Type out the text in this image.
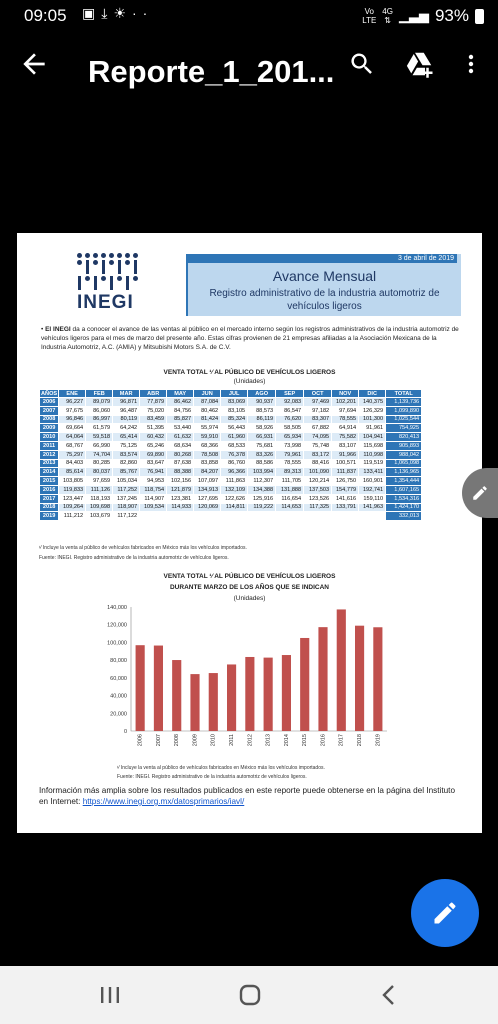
09:05 ▣⤓☀··	Vo
LTE
4G
⇅ ▁▃▅ 93%
Reporte_1_201...
INEGI
3 de abril de 2019
Avance Mensual
Registro administrativo de la industria automotriz de vehículos ligeros
• El INEGI da a conocer el avance de las ventas al público en el mercado interno según los registros administrativos de la industria automotriz de vehículos ligeros para el mes de marzo del presente año. Estas cifras provienen de 21 empresas afiliadas a la Asociación Mexicana de la Industria Automotriz, A.C. (AMIA) y Mitsubishi Motors S.A. de C.V.
VENTA TOTAL ¹⁄ AL PÚBLICO DE VEHÍCULOS LIGEROS
(Unidades)
AÑOS	ENE	FEB	MAR	ABR	MAY	JUN	JUL	AGO	SEP	OCT	NOV	DIC	TOTAL
2006	96,227	89,079	96,871	77,879	86,462	87,084	83,069	90,937	92,083	97,469	102,201	140,375	1,139,736
2007	97,675	86,060	96,487	75,020	84,756	80,462	83,105	88,573	86,547	97,182	97,694	126,329	1,099,890
2008	96,846	86,997	80,119	83,459	85,827	81,424	85,324	86,119	76,620	83,307	78,555	101,300	1,025,544
2009	69,664	61,579	64,242	51,395	53,440	55,974	56,443	58,926	58,505	67,882	64,914	91,961	754,925
2010	64,064	59,518	65,414	60,432	61,632	59,910	61,960	66,931	65,934	74,095	75,582	104,941	820,413
2011	68,767	66,990	75,125	65,246	68,634	68,366	68,533	75,681	73,998	75,748	83,107	115,698	905,893
2012	75,297	74,704	83,574	69,890	80,268	78,508	76,378	83,326	79,961	83,172	91,966	110,998	988,042
2013	84,403	80,285	82,860	83,647	87,638	83,858	86,760	88,586	78,555	88,416	100,571	119,519	1,065,098
2014	85,614	80,037	85,767	76,941	88,388	84,207	96,366	103,994	89,313	101,090	111,837	133,411	1,136,965
2015	103,805	97,659	105,034	94,953	102,156	107,097	111,863	112,307	111,705	120,214	126,750	160,901	1,354,444
2016	119,833	111,126	117,252	118,754	121,879	134,913	132,109	134,388	131,888	137,503	154,779	192,741	1,607,165
2017	123,447	118,193	137,245	114,907	123,381	127,695	122,626	125,916	116,654	123,526	141,616	159,110	1,534,316
2018	109,264	109,698	118,907	109,534	114,933	120,069	114,811	119,222	114,653	117,325	133,791	141,963	1,424,170
2019	111,212	103,679	117,122										332,013
¹⁄ Incluye la venta al público de vehículos fabricados en México más los vehículos importados.
Fuente: INEGI. Registro administrativo de la industria automotriz de vehículos ligeros.
VENTA TOTAL ¹⁄ AL PÚBLICO DE VEHÍCULOS LIGEROS
DURANTE MARZO DE LOS AÑOS QUE SE INDICAN
(Unidades)
0
20,000
40,000
60,000
80,000
100,000
120,000
140,000
2006 2007 2008 2009 2010 2011 2012 2013 2014 2015 2016 2017 2018 2019
¹⁄ Incluye la venta al público de vehículos fabricados en México más los vehículos importados.
Fuente: INEGI. Registro administrativo de la industria automotriz de vehículos ligeros.
Información más amplia sobre los resultados publicados en este reporte puede obtenerse en la página del Instituto en Internet: https://www.inegi.org.mx/datosprimarios/iavl/
